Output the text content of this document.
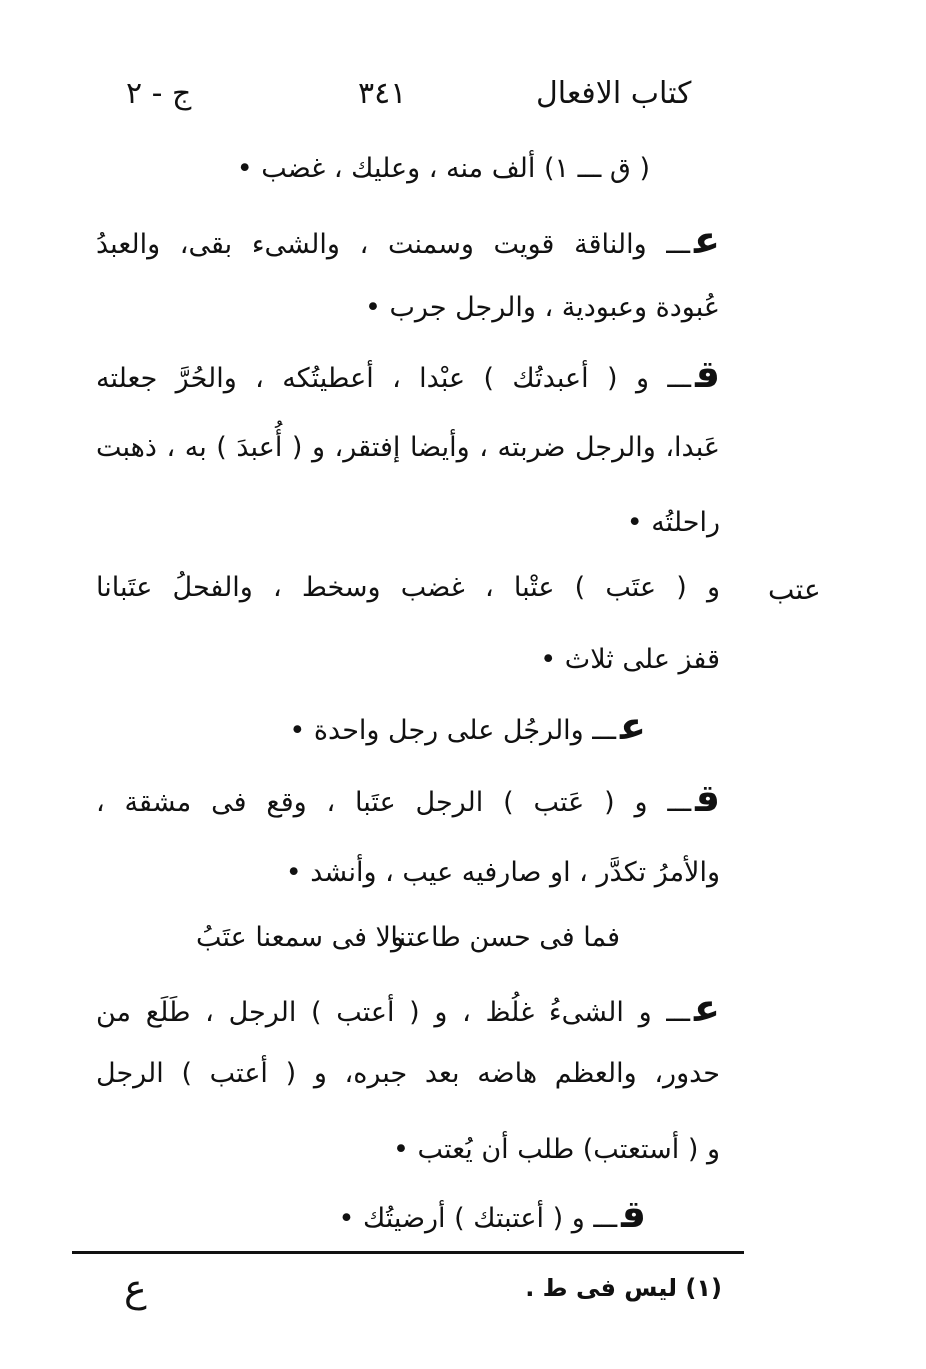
كتاب الافعال
٣٤١
ج - ٢
( ق ـــ ١) ألف منه ، وعليك ، غضب •
عـــ والناقة قويت وسمنت ، والشىء بقى، والعبدُ
عُبودة وعبودية ، والرجل جرب •
قـــ و ( أعبدتُك ) عبْدا ، أعطيتُكه ، والحُرَّ جعلته
عَبدا، والرجل ضربته ، وأيضا إفتقر، و ( أُعبدَ ) به ، ذهبت
راحلتُه •
و ( عتَب ) عتْبا ، غضب وسخط ، والفحلُ عتَبانا
قفز على ثلاث •
عـــ والرجُل على رجل واحدة •
قـــ و ( عَتب ) الرجل عتَبا ، وقع فى مشقة ،
والأمرُ تكدَّر ، او صارفيه عيب ، وأنشد •
فما فى حسن طاعتنا
ولا فى سمعنا عتَبُ
عـــ و الشىءُ غلُظ ، و ( أعتب ) الرجل ، طَلَع من
حدور، والعظم هاضه بعد جبره، و ( أعتب ) الرجل
و ( أستعتب) طلب أن يُعتب •
قـــ و ( أعتبتك ) أرضيتُك •
عتب
(١) ليس فى ط .
ع
